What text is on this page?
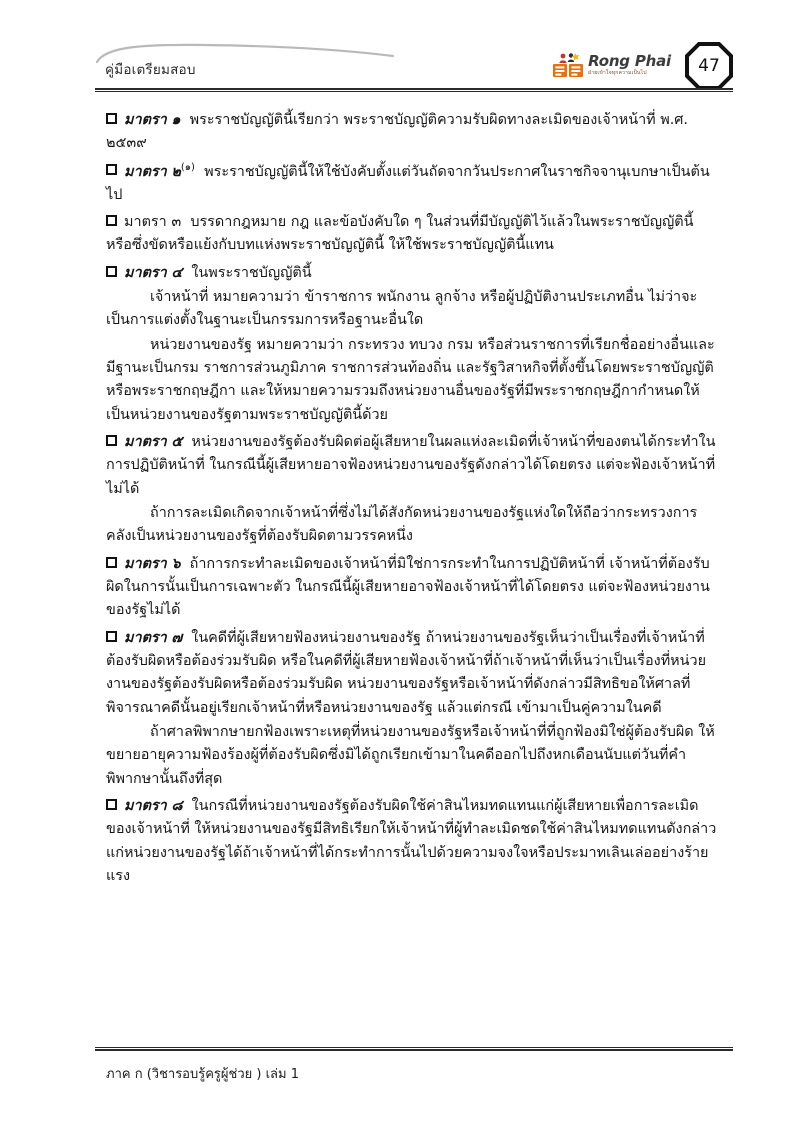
คู่มือเตรียมสอบ
Rong Phai
ฝ่ายเข้าใจทุกความเป็นไป	47
มาตรา ๑ พระราชบัญญัตินี้เรียกว่า พระราชบัญญัติความรับผิดทางละเมิดของเจ้าหน้าที่ พ.ศ. ๒๕๓๙
มาตรา ๒$^{(๑)}$ พระราชบัญญัตินี้ให้ใช้บังคับตั้งแต่วันถัดจากวันประกาศในราชกิจจานุเบกษาเป็นต้นไป
มาตรา ๓ บรรดากฎหมาย กฎ และข้อบังคับใด ๆ ในส่วนที่มีบัญญัติไว้แล้วในพระราชบัญญัตินี้ หรือซึ่งขัดหรือแย้งกับบทแห่งพระราชบัญญัตินี้ ให้ใช้พระราชบัญญัตินี้แทน
มาตรา ๔ ในพระราชบัญญัตินี้
เจ้าหน้าที่ หมายความว่า ข้าราชการ พนักงาน ลูกจ้าง หรือผู้ปฏิบัติงานประเภทอื่น ไม่ว่าจะเป็นการแต่งตั้งในฐานะเป็นกรรมการหรือฐานะอื่นใด
หน่วยงานของรัฐ หมายความว่า กระทรวง ทบวง กรม หรือส่วนราชการที่เรียกชื่ออย่างอื่นและมีฐานะเป็นกรม ราชการส่วนภูมิภาค ราชการส่วนท้องถิ่น และรัฐวิสาหกิจที่ตั้งขึ้นโดยพระราชบัญญัติหรือพระราชกฤษฎีกา และให้หมายความรวมถึงหน่วยงานอื่นของรัฐที่มีพระราชกฤษฎีกากำหนดให้เป็นหน่วยงานของรัฐตามพระราชบัญญัตินี้ด้วย
มาตรา ๕ หน่วยงานของรัฐต้องรับผิดต่อผู้เสียหายในผลแห่งละเมิดที่เจ้าหน้าที่ของตนได้กระทำในการปฏิบัติหน้าที่ ในกรณีนี้ผู้เสียหายอาจฟ้องหน่วยงานของรัฐดังกล่าวได้โดยตรง แต่จะฟ้องเจ้าหน้าที่ไม่ได้
ถ้าการละเมิดเกิดจากเจ้าหน้าที่ซึ่งไม่ได้สังกัดหน่วยงานของรัฐแห่งใดให้ถือว่ากระทรวงการคลังเป็นหน่วยงานของรัฐที่ต้องรับผิดตามวรรคหนึ่ง
มาตรา ๖ ถ้าการกระทำละเมิดของเจ้าหน้าที่มิใช่การกระทำในการปฏิบัติหน้าที่ เจ้าหน้าที่ต้องรับผิดในการนั้นเป็นการเฉพาะตัว ในกรณีนี้ผู้เสียหายอาจฟ้องเจ้าหน้าที่ได้โดยตรง แต่จะฟ้องหน่วยงานของรัฐไม่ได้
มาตรา ๗ ในคดีที่ผู้เสียหายฟ้องหน่วยงานของรัฐ ถ้าหน่วยงานของรัฐเห็นว่าเป็นเรื่องที่เจ้าหน้าที่ต้องรับผิดหรือต้องร่วมรับผิด หรือในคดีที่ผู้เสียหายฟ้องเจ้าหน้าที่ถ้าเจ้าหน้าที่เห็นว่าเป็นเรื่องที่หน่วยงานของรัฐต้องรับผิดหรือต้องร่วมรับผิด หน่วยงานของรัฐหรือเจ้าหน้าที่ดังกล่าวมีสิทธิขอให้ศาลที่พิจารณาคดีนั้นอยู่เรียกเจ้าหน้าที่หรือหน่วยงานของรัฐ แล้วแต่กรณี เข้ามาเป็นคู่ความในคดี
ถ้าศาลพิพากษายกฟ้องเพราะเหตุที่หน่วยงานของรัฐหรือเจ้าหน้าที่ที่ถูกฟ้องมิใช่ผู้ต้องรับผิด ให้ขยายอายุความฟ้องร้องผู้ที่ต้องรับผิดซึ่งมิได้ถูกเรียกเข้ามาในคดีออกไปถึงหกเดือนนับแต่วันที่คำพิพากษานั้นถึงที่สุด
มาตรา ๘ ในกรณีที่หน่วยงานของรัฐต้องรับผิดใช้ค่าสินไหมทดแทนแก่ผู้เสียหายเพื่อการละเมิดของเจ้าหน้าที่ ให้หน่วยงานของรัฐมีสิทธิเรียกให้เจ้าหน้าที่ผู้ทำละเมิดชดใช้ค่าสินไหมทดแทนดังกล่าวแก่หน่วยงานของรัฐได้ถ้าเจ้าหน้าที่ได้กระทำการนั้นไปด้วยความจงใจหรือประมาทเลินเล่ออย่างร้ายแรง
ภาค ก (วิชารอบรู้ครูผู้ช่วย ) เล่ม 1
